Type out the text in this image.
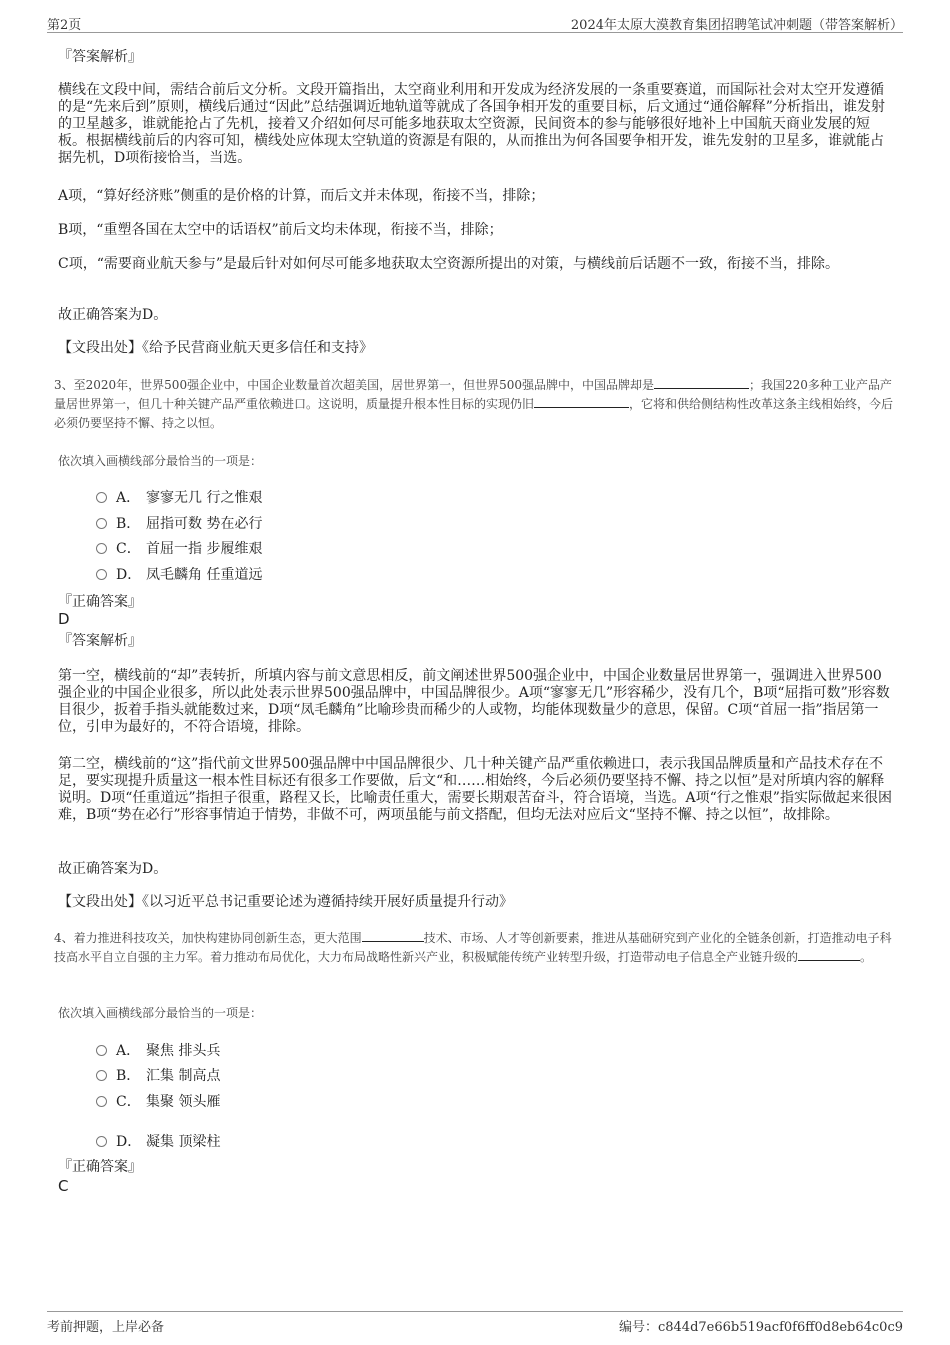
第2页	2024年太原大漠教育集团招聘笔试冲刺题（带答案解析）
『答案解析』
横线在文段中间，需结合前后文分析。文段开篇指出，太空商业利用和开发成为经济发展的一条重要赛道，而国际社会对太空开发遵循的是“先来后到”原则，横线后通过“因此”总结强调近地轨道等就成了各国争相开发的重要目标，后文通过“通俗解释”分析指出，谁发射的卫星越多，谁就能抢占了先机，接着又介绍如何尽可能多地获取太空资源，民间资本的参与能够很好地补上中国航天商业发展的短板。根据横线前后的内容可知，横线处应体现太空轨道的资源是有限的，从而推出为何各国要争相开发，谁先发射的卫星多，谁就能占据先机，D项衔接恰当，当选。
A项，“算好经济账”侧重的是价格的计算，而后文并未体现，衔接不当，排除；
B项，“重塑各国在太空中的话语权”前后文均未体现，衔接不当，排除；
C项，“需要商业航天参与”是最后针对如何尽可能多地获取太空资源所提出的对策，与横线前后话题不一致，衔接不当，排除。
故正确答案为D。
【文段出处】《给予民营商业航天更多信任和支持》
3、至2020年，世界500强企业中，中国企业数量首次超美国，居世界第一，但世界500强品牌中，中国品牌却是	；我国220多种工业产品产量居世界第一，但几十种关键产品严重依赖进口。这说明，质量提升根本性目标的实现仍旧	，它将和供给侧结构性改革这条主线相始终，今后必须仍要坚持不懈、持之以恒。
依次填入画横线部分最恰当的一项是：
A． 寥寥无几 行之惟艰
B． 屈指可数 势在必行
C． 首屈一指 步履维艰
D． 凤毛麟角 任重道远
『正确答案』
D
『答案解析』
第一空，横线前的“却”表转折，所填内容与前文意思相反，前文阐述世界500强企业中，中国企业数量居世界第一，强调进入世界500强企业的中国企业很多，所以此处表示世界500强品牌中，中国品牌很少。A项“寥寥无几”形容稀少，没有几个，B项“屈指可数”形容数目很少，扳着手指头就能数过来，D项“凤毛麟角”比喻珍贵而稀少的人或物，均能体现数量少的意思，保留。C项“首屈一指”指居第一位，引申为最好的，不符合语境，排除。
第二空，横线前的“这”指代前文世界500强品牌中中国品牌很少、几十种关键产品严重依赖进口，表示我国品牌质量和产品技术存在不足，要实现提升质量这一根本性目标还有很多工作要做，后文“和……相始终，今后必须仍要坚持不懈、持之以恒”是对所填内容的解释说明。D项“任重道远”指担子很重，路程又长，比喻责任重大，需要长期艰苦奋斗，符合语境，当选。A项“行之惟艰”指实际做起来很困难，B项“势在必行”形容事情迫于情势，非做不可，两项虽能与前文搭配，但均无法对应后文“坚持不懈、持之以恒”，故排除。
故正确答案为D。
【文段出处】《以习近平总书记重要论述为遵循持续开展好质量提升行动》
4、着力推进科技攻关，加快构建协同创新生态，更大范围	技术、市场、人才等创新要素，推进从基础研究到产业化的全链条创新，打造推动电子科技高水平自立自强的主力军。着力推动布局优化，大力布局战略性新兴产业，积极赋能传统产业转型升级，打造带动电子信息全产业链升级的	。
依次填入画横线部分最恰当的一项是：
A． 聚焦 排头兵
B． 汇集 制高点
C． 集聚 领头雁
D． 凝集 顶梁柱
『正确答案』
C
考前押题，上岸必备	编号：c844d7e66b519acf0f6ff0d8eb64c0c9
